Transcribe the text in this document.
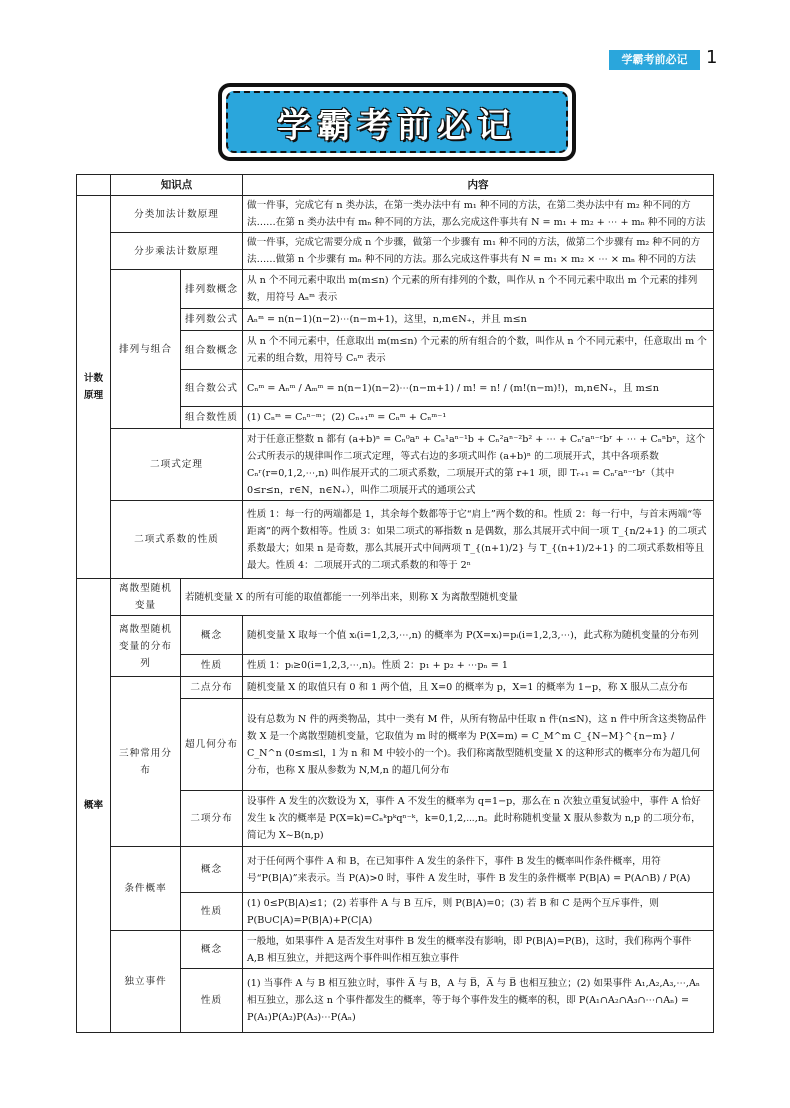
学霸考前必记	1
学霸考前必记
	知识点		内容
计数原理	分类加法计数原理		做一件事，完成它有 n 类办法，在第一类办法中有 m₁ 种不同的方法，在第二类办法中有 m₂ 种不同的方法……在第 n 类办法中有 mₙ 种不同的方法，那么完成这件事共有 N = m₁ + m₂ + ⋯ + mₙ 种不同的方法
	分步乘法计数原理		做一件事，完成它需要分成 n 个步骤，做第一个步骤有 m₁ 种不同的方法，做第二个步骤有 m₂ 种不同的方法……做第 n 个步骤有 mₙ 种不同的方法。那么完成这件事共有 N = m₁ × m₂ × ⋯ × mₙ 种不同的方法
	排列与组合	排列数概念	从 n 个不同元素中取出 m(m≤n) 个元素的所有排列的个数，叫作从 n 个不同元素中取出 m 个元素的排列数，用符号 Aₙᵐ 表示
		排列数公式	Aₙᵐ = n(n−1)(n−2)⋯(n−m+1)，这里，n,m∈N₊，并且 m≤n
		组合数概念	从 n 个不同元素中，任意取出 m(m≤n) 个元素的所有组合的个数，叫作从 n 个不同元素中，任意取出 m 个元素的组合数，用符号 Cₙᵐ 表示
		组合数公式	Cₙᵐ = Aₙᵐ / Aₘᵐ = n(n−1)(n−2)⋯(n−m+1) / m! = n! / (m!(n−m)!)，m,n∈N₊，且 m≤n
		组合数性质	(1) Cₙᵐ = Cₙⁿ⁻ᵐ；(2) Cₙ₊₁ᵐ = Cₙᵐ + Cₙᵐ⁻¹
	二项式定理		对于任意正整数 n 都有 (a+b)ⁿ = Cₙ⁰aⁿ + Cₙ¹aⁿ⁻¹b + Cₙ²aⁿ⁻²b² + ⋯ + Cₙʳaⁿ⁻ʳbʳ + ⋯ + Cₙⁿbⁿ，这个公式所表示的规律叫作二项式定理，等式右边的多项式叫作 (a+b)ⁿ 的二项展开式，其中各项系数 Cₙʳ(r=0,1,2,⋯,n) 叫作展开式的二项式系数，二项展开式的第 r+1 项，即 Tᵣ₊₁ = Cₙʳaⁿ⁻ʳbʳ（其中 0≤r≤n，r∈N，n∈N₊），叫作二项展开式的通项公式
	二项式系数的性质		性质 1：每一行的两端都是 1，其余每个数都等于它“肩上”两个数的和。性质 2：每一行中，与首末两端“等距离”的两个数相等。性质 3：如果二项式的幂指数 n 是偶数，那么其展开式中间一项 T_{n/2+1} 的二项式系数最大；如果 n 是奇数，那么其展开式中间两项 T_{(n+1)/2} 与 T_{(n+1)/2+1} 的二项式系数相等且最大。性质 4：二项展开式的二项式系数的和等于 2ⁿ
概率	离散型随机变量	若随机变量 X 的所有可能的取值都能一一列举出来，则称 X 为离散型随机变量	
	离散型随机变量的分布列	概念	随机变量 X 取每一个值 xᵢ(i=1,2,3,⋯,n) 的概率为 P(X=xᵢ)=pᵢ(i=1,2,3,⋯)，此式称为随机变量的分布列
		性质	性质 1：pᵢ≥0(i=1,2,3,⋯,n)。性质 2：p₁ + p₂ + ⋯pₙ = 1
	三种常用分布	二点分布	随机变量 X 的取值只有 0 和 1 两个值，且 X=0 的概率为 p，X=1 的概率为 1−p，称 X 服从二点分布
		超几何分布	设有总数为 N 件的两类物品，其中一类有 M 件，从所有物品中任取 n 件(n≤N)，这 n 件中所含这类物品件数 X 是一个离散型随机变量，它取值为 m 时的概率为 P(X=m) = C_M^m C_{N−M}^{n−m} / C_N^n (0≤m≤l，l 为 n 和 M 中较小的一个)。我们称离散型随机变量 X 的这种形式的概率分布为超几何分布，也称 X 服从参数为 N,M,n 的超几何分布
		二项分布	设事件 A 发生的次数设为 X，事件 A 不发生的概率为 q=1−p，那么在 n 次独立重复试验中，事件 A 恰好发生 k 次的概率是 P(X=k)=Cₙᵏpᵏqⁿ⁻ᵏ，k=0,1,2,⋯,n。此时称随机变量 X 服从参数为 n,p 的二项分布，简记为 X~B(n,p)
	条件概率	概念	对于任何两个事件 A 和 B，在已知事件 A 发生的条件下，事件 B 发生的概率叫作条件概率，用符号“P(B|A)”来表示。当 P(A)>0 时，事件 A 发生时，事件 B 发生的条件概率 P(B|A) = P(A∩B) / P(A)
		性质	(1) 0≤P(B|A)≤1；(2) 若事件 A 与 B 互斥，则 P(B|A)=0；(3) 若 B 和 C 是两个互斥事件，则 P(B∪C|A)=P(B|A)+P(C|A)
	独立事件	概念	一般地，如果事件 A 是否发生对事件 B 发生的概率没有影响，即 P(B|A)=P(B)，这时，我们称两个事件 A,B 相互独立，并把这两个事件叫作相互独立事件
		性质	(1) 当事件 A 与 B 相互独立时，事件 A̅ 与 B，A 与 B̅，A̅ 与 B̅ 也相互独立；(2) 如果事件 A₁,A₂,A₃,⋯,Aₙ 相互独立，那么这 n 个事件都发生的概率，等于每个事件发生的概率的积，即 P(A₁∩A₂∩A₃∩⋯∩Aₙ) = P(A₁)P(A₂)P(A₃)⋯P(Aₙ)
